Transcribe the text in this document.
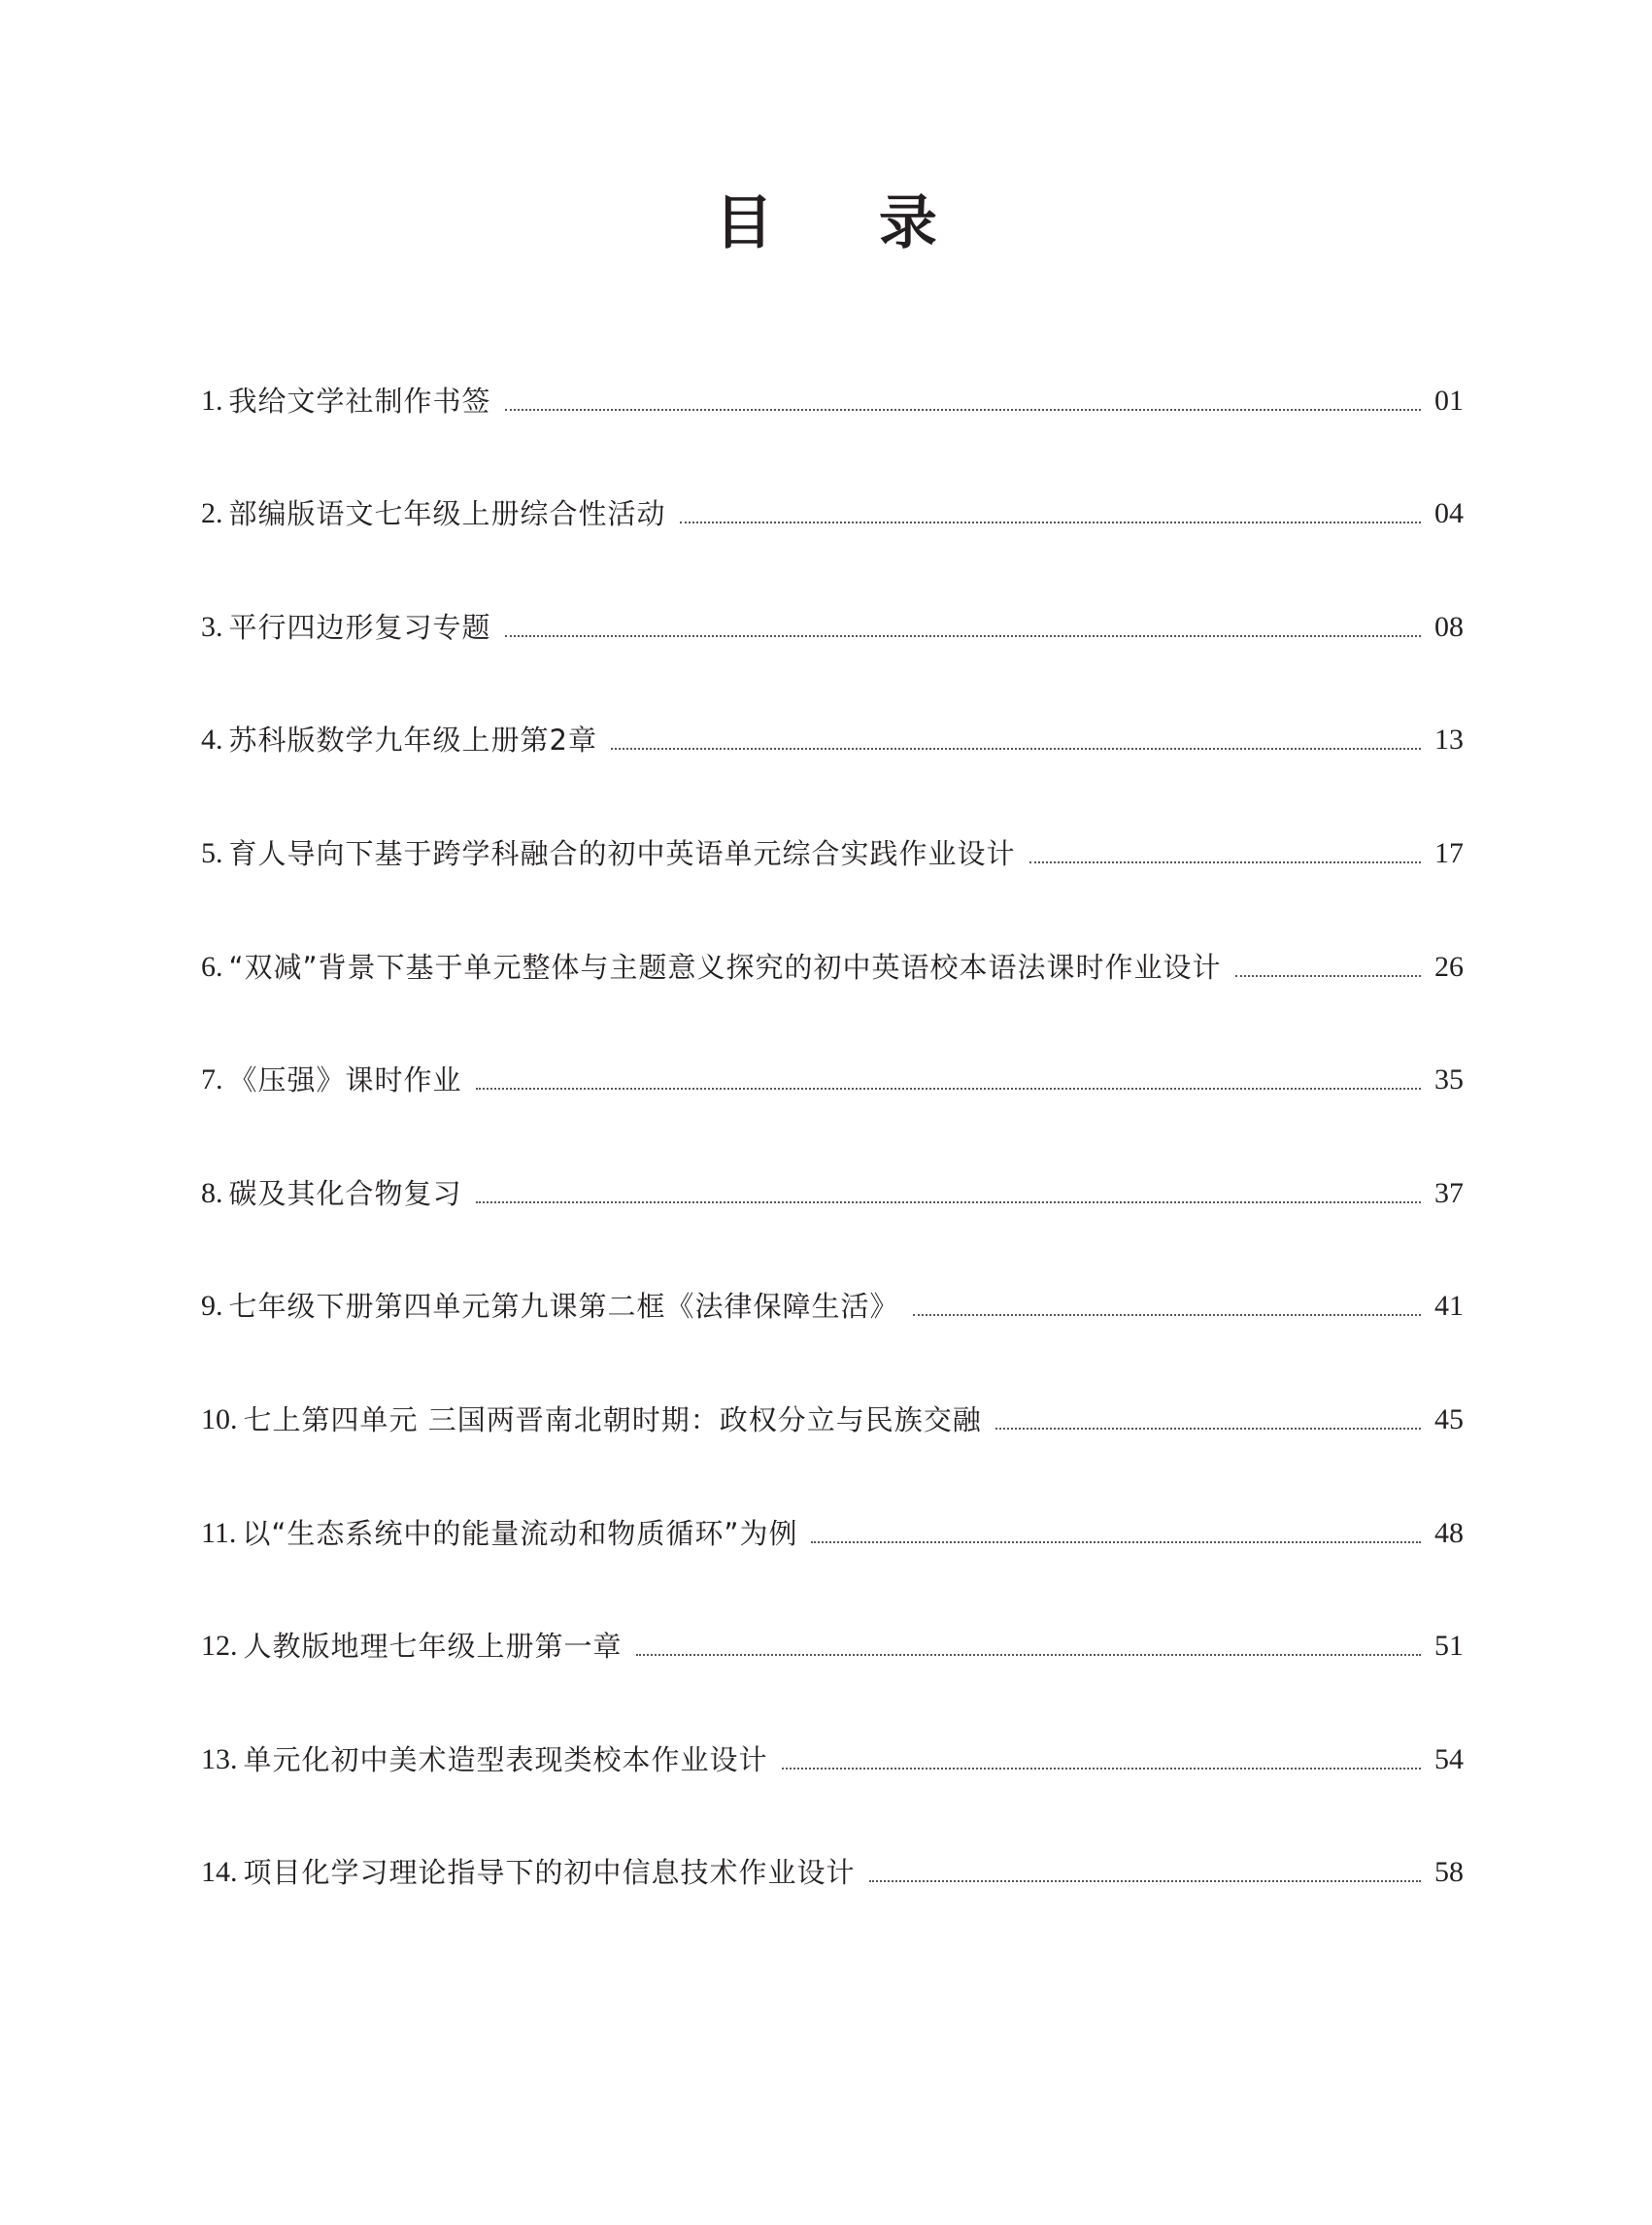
目 录
1. 我给文学社制作书签	01
2. 部编版语文七年级上册综合性活动	04
3. 平行四边形复习专题	08
4. 苏科版数学九年级上册第2章	13
5. 育人导向下基于跨学科融合的初中英语单元综合实践作业设计	17
6. “双减”背景下基于单元整体与主题意义探究的初中英语校本语法课时作业设计	26
7. 《压强》课时作业	35
8. 碳及其化合物复习	37
9. 七年级下册第四单元第九课第二框《法律保障生活》	41
10. 七上第四单元 三国两晋南北朝时期：政权分立与民族交融	45
11. 以“生态系统中的能量流动和物质循环”为例	48
12. 人教版地理七年级上册第一章	51
13. 单元化初中美术造型表现类校本作业设计	54
14. 项目化学习理论指导下的初中信息技术作业设计	58
